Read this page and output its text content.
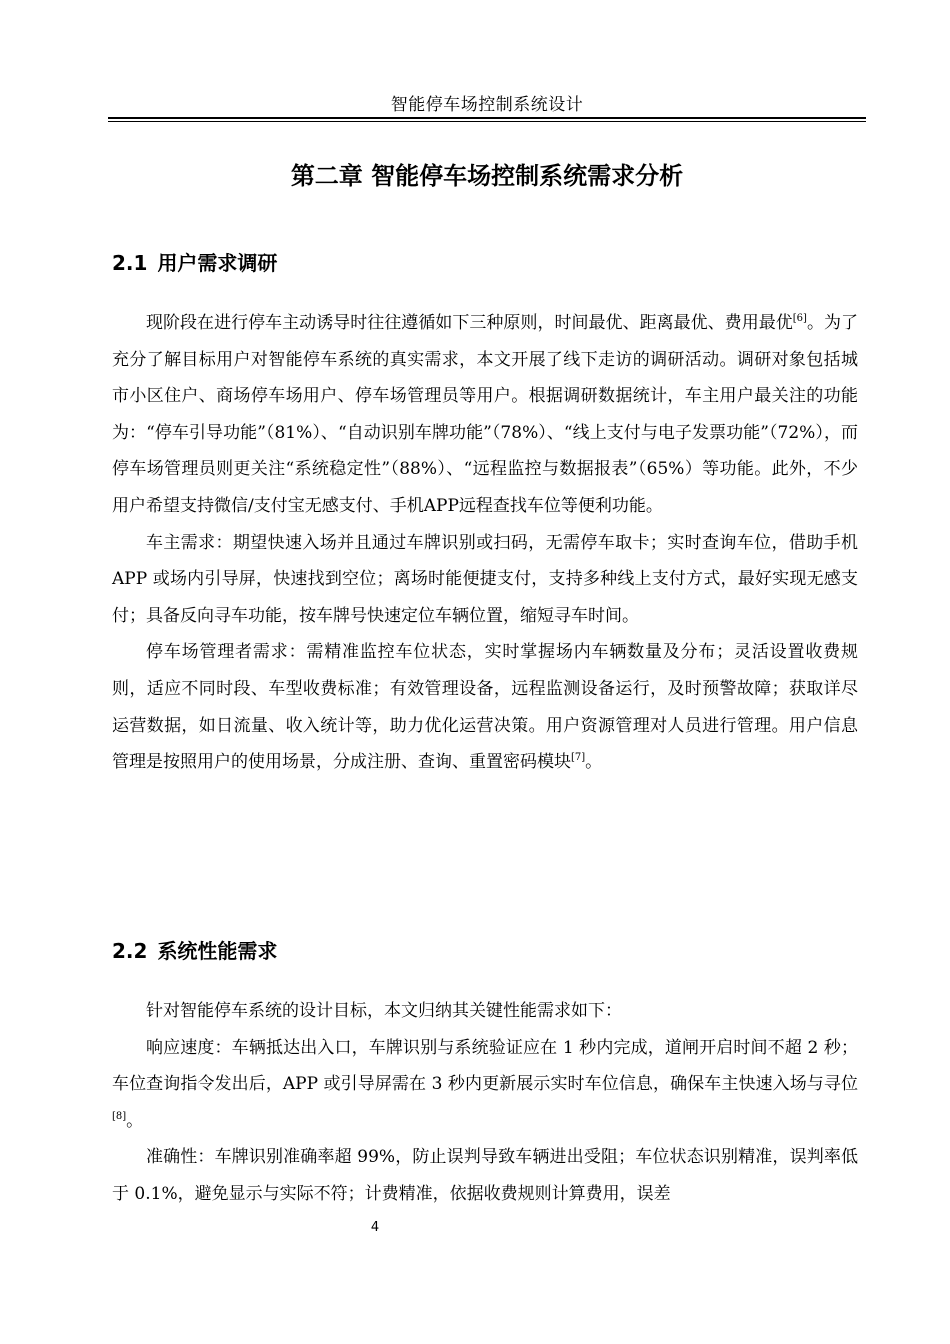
智能停车场控制系统设计
第二章 智能停车场控制系统需求分析
2.1 用户需求调研

现阶段在进行停车主动诱导时往往遵循如下三种原则，时间最优、距离最优、费用最优[6]。为了充分了解目标用户对智能停车系统的真实需求，本文开展了线下走访的调研活动。调研对象包括城市小区住户、商场停车场用户、停车场管理员等用户。根据调研数据统计，车主用户最关注的功能为：“停车引导功能”（81%）、“自动识别车牌功能”（78%）、“线上支付与电子发票功能”（72%），而停车场管理员则更关注“系统稳定性”（88%）、“远程监控与数据报表”（65%）等功能。此外，不少用户希望支持微信/支付宝无感支付、手机APP远程查找车位等便利功能。

车主需求：期望快速入场并且通过车牌识别或扫码，无需停车取卡；实时查询车位，借助手机 APP 或场内引导屏，快速找到空位；离场时能便捷支付，支持多种线上支付方式，最好实现无感支付；具备反向寻车功能，按车牌号快速定位车辆位置，缩短寻车时间。

停车场管理者需求：需精准监控车位状态，实时掌握场内车辆数量及分布；灵活设置收费规则，适应不同时段、车型收费标准；有效管理设备，远程监测设备运行，及时预警故障；获取详尽运营数据，如日流量、收入统计等，助力优化运营决策。用户资源管理对人员进行管理。用户信息管理是按照用户的使用场景，分成注册、查询、重置密码模块[7]。

2.2 系统性能需求

针对智能停车系统的设计目标，本文归纳其关键性能需求如下：

响应速度：车辆抵达出入口，车牌识别与系统验证应在 1 秒内完成，道闸开启时间不超 2 秒；车位查询指令发出后，APP 或引导屏需在 3 秒内更新展示实时车位信息，确保车主快速入场与寻位[8]。

准确性：车牌识别准确率超 99%，防止误判导致车辆进出受阻；车位状态识别精准，误判率低于 0.1%，避免显示与实际不符；计费精准，依据收费规则计算费用，误差

4
